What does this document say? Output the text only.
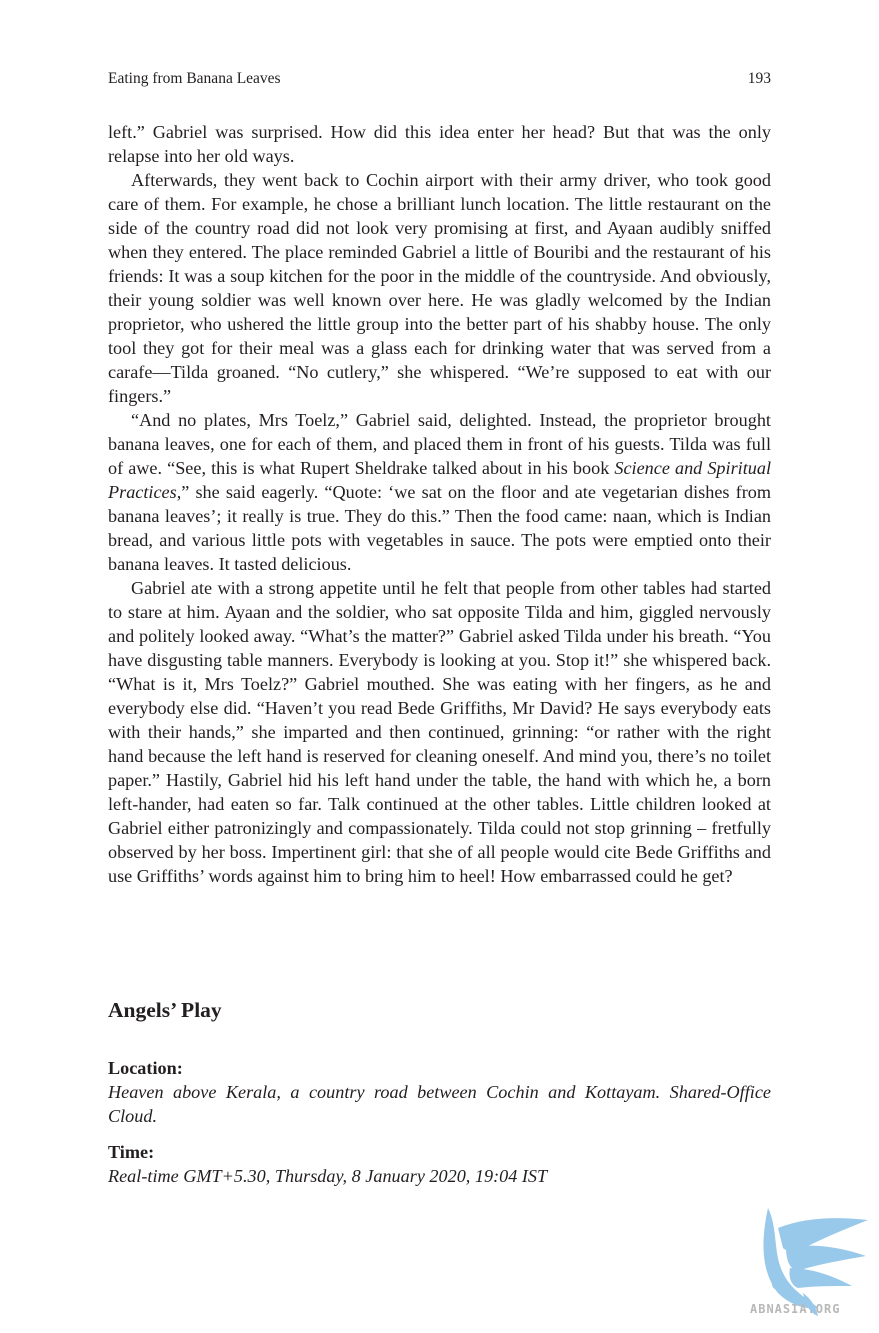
Eating from Banana Leaves	193

left.” Gabriel was surprised. How did this idea enter her head? But that was the only relapse into her old ways.

Afterwards, they went back to Cochin airport with their army driver, who took good care of them. For example, he chose a brilliant lunch location. The little restaurant on the side of the country road did not look very promising at first, and Ayaan audibly sniffed when they entered. The place reminded Gabriel a little of Bouribi and the restaurant of his friends: It was a soup kitchen for the poor in the middle of the countryside. And obviously, their young soldier was well known over here. He was gladly welcomed by the Indian proprietor, who ushered the little group into the better part of his shabby house. The only tool they got for their meal was a glass each for drinking water that was served from a carafe—Tilda groaned. “No cutlery,” she whispered. “We’re supposed to eat with our fingers.”

“And no plates, Mrs Toelz,” Gabriel said, delighted. Instead, the proprietor brought banana leaves, one for each of them, and placed them in front of his guests. Tilda was full of awe. “See, this is what Rupert Sheldrake talked about in his book Science and Spiritual Practices,” she said eagerly. “Quote: ‘we sat on the floor and ate vegetarian dishes from banana leaves’; it really is true. They do this.” Then the food came: naan, which is Indian bread, and various little pots with vegetables in sauce. The pots were emptied onto their banana leaves. It tasted delicious.

Gabriel ate with a strong appetite until he felt that people from other tables had started to stare at him. Ayaan and the soldier, who sat opposite Tilda and him, giggled nervously and politely looked away. “What’s the matter?” Gabriel asked Tilda under his breath. “You have disgusting table manners. Everybody is looking at you. Stop it!” she whispered back. “What is it, Mrs Toelz?” Gabriel mouthed. She was eating with her fingers, as he and everybody else did. “Haven’t you read Bede Griffiths, Mr David? He says everybody eats with their hands,” she imparted and then continued, grinning: “or rather with the right hand because the left hand is reserved for cleaning oneself. And mind you, there’s no toilet paper.” Hastily, Gabriel hid his left hand under the table, the hand with which he, a born left-hander, had eaten so far. Talk continued at the other tables. Little children looked at Gabriel either patronizingly and compassionately. Tilda could not stop grinning – fretfully observed by her boss. Impertinent girl: that she of all people would cite Bede Griffiths and use Griffiths’ words against him to bring him to heel! How embarrassed could he get?

Angels’ Play
Location:
Heaven above Kerala, a country road between Cochin and Kottayam. Shared-Office Cloud.
Time:
Real-time GMT+5.30, Thursday, 8 January 2020, 19:04 IST
ABNASIA.ORG
